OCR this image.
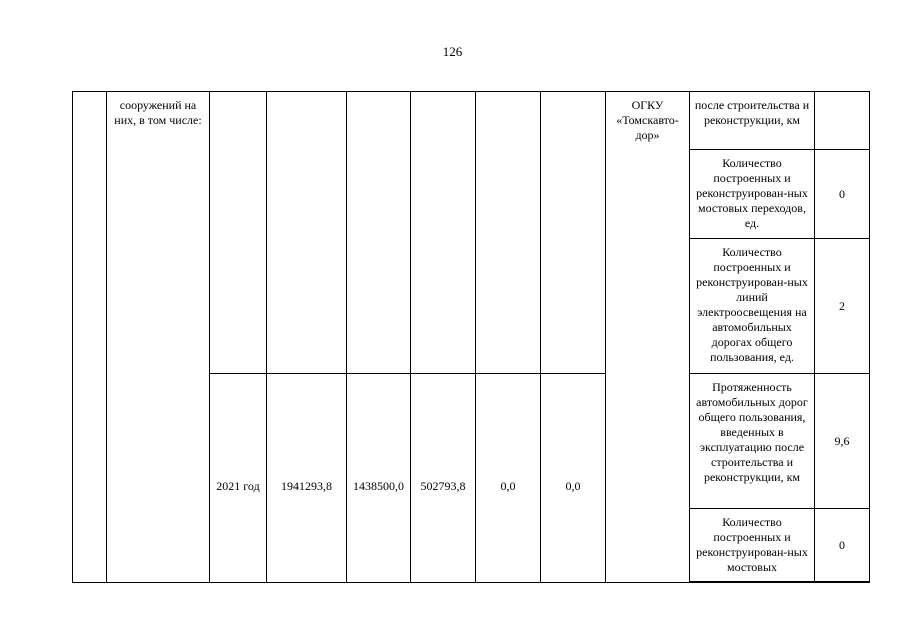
126
	сооружений на них, в том числе:							ОГКУ «Томскавто-дор»	после строительства и реконструкции, км	
									Количество построенных и реконструирован-ных мостовых переходов, ед.	0
									Количество построенных и реконструирован-ных линий электроосвещения на автомобильных дорогах общего пользования, ед.	2
		2021 год	1941293,8	1438500,0	502793,8	0,0	0,0		Протяженность автомобильных дорог общего пользования, введенных в эксплуатацию после строительства и реконструкции, км	9,6
									Количество построенных и реконструирован-ных мостовых	0
